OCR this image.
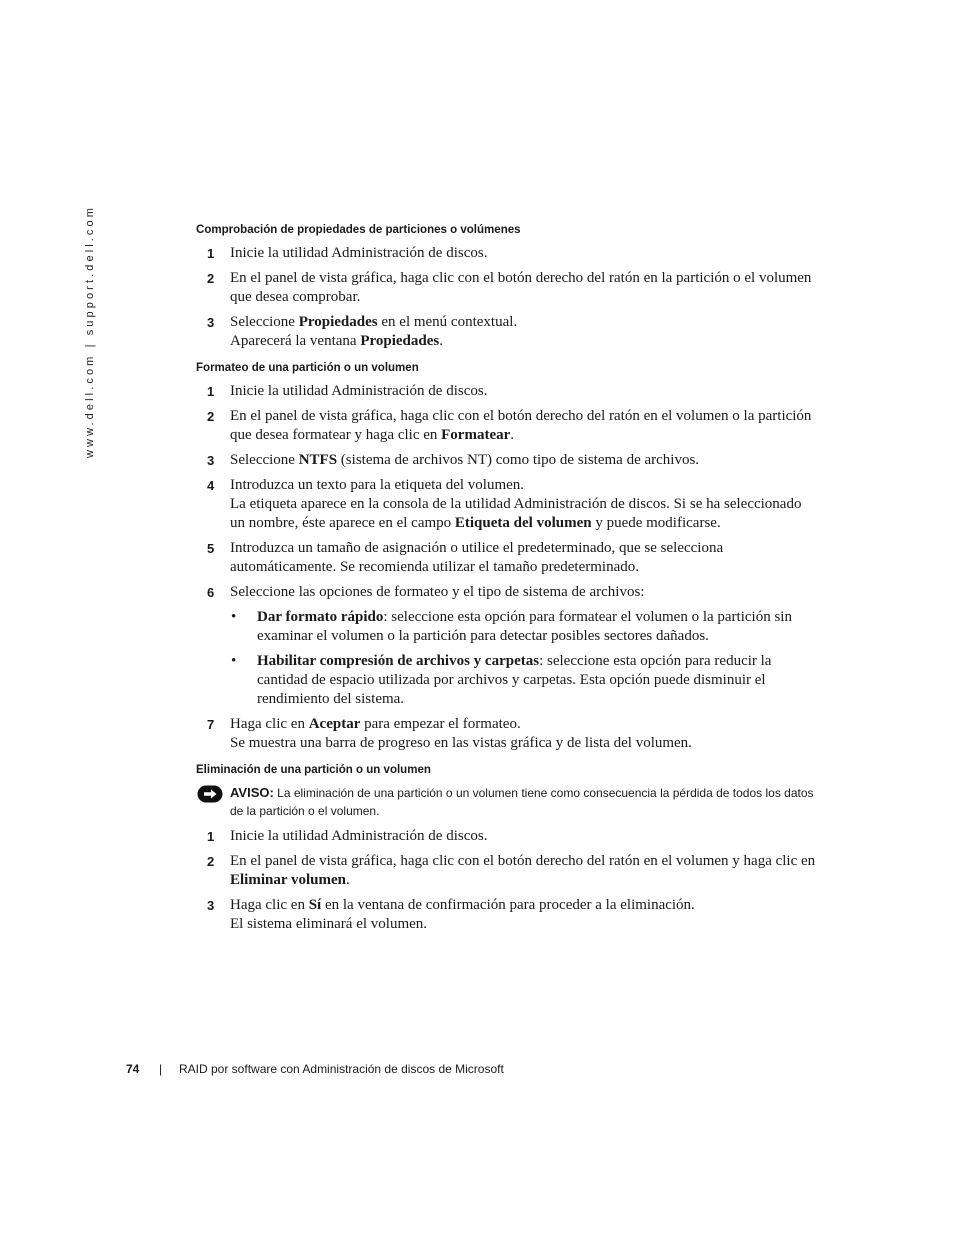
www.dell.com | support.dell.com	Comprobación de propiedades de particiones o volúmenes
1 Inicie la utilidad Administración de discos.

2 En el panel de vista gráfica, haga clic con el botón derecho del ratón en la partición o el volumen que desea comprobar.

3 Seleccione Propiedades en el menú contextual.

Aparecerá la ventana Propiedades.

Formateo de una partición o un volumen
1 Inicie la utilidad Administración de discos.

2 En el panel de vista gráfica, haga clic con el botón derecho del ratón en el volumen o la partición que desea formatear y haga clic en Formatear.

3 Seleccione NTFS (sistema de archivos NT) como tipo de sistema de archivos.

4 Introduzca un texto para la etiqueta del volumen.

La etiqueta aparece en la consola de la utilidad Administración de discos. Si se ha seleccionado un nombre, éste aparece en el campo Etiqueta del volumen y puede modificarse.

5 Introduzca un tamaño de asignación o utilice el predeterminado, que se selecciona automáticamente. Se recomienda utilizar el tamaño predeterminado.

6 Seleccione las opciones de formateo y el tipo de sistema de archivos:

• Dar formato rápido: seleccione esta opción para formatear el volumen o la partición sin examinar el volumen o la partición para detectar posibles sectores dañados.
• Habilitar compresión de archivos y carpetas: seleccione esta opción para reducir la cantidad de espacio utilizada por archivos y carpetas. Esta opción puede disminuir el rendimiento del sistema.
7 Haga clic en Aceptar para empezar el formateo.

Se muestra una barra de progreso en las vistas gráfica y de lista del volumen.

Eliminación de una partición o un volumen
AVISO: La eliminación de una partición o un volumen tiene como consecuencia la pérdida de todos los datos de la partición o el volumen.
1 Inicie la utilidad Administración de discos.

2 En el panel de vista gráfica, haga clic con el botón derecho del ratón en el volumen y haga clic en Eliminar volumen.

3 Haga clic en Sí en la ventana de confirmación para proceder a la eliminación.

El sistema eliminará el volumen.

74 | RAID por software con Administración de discos de Microsoft
